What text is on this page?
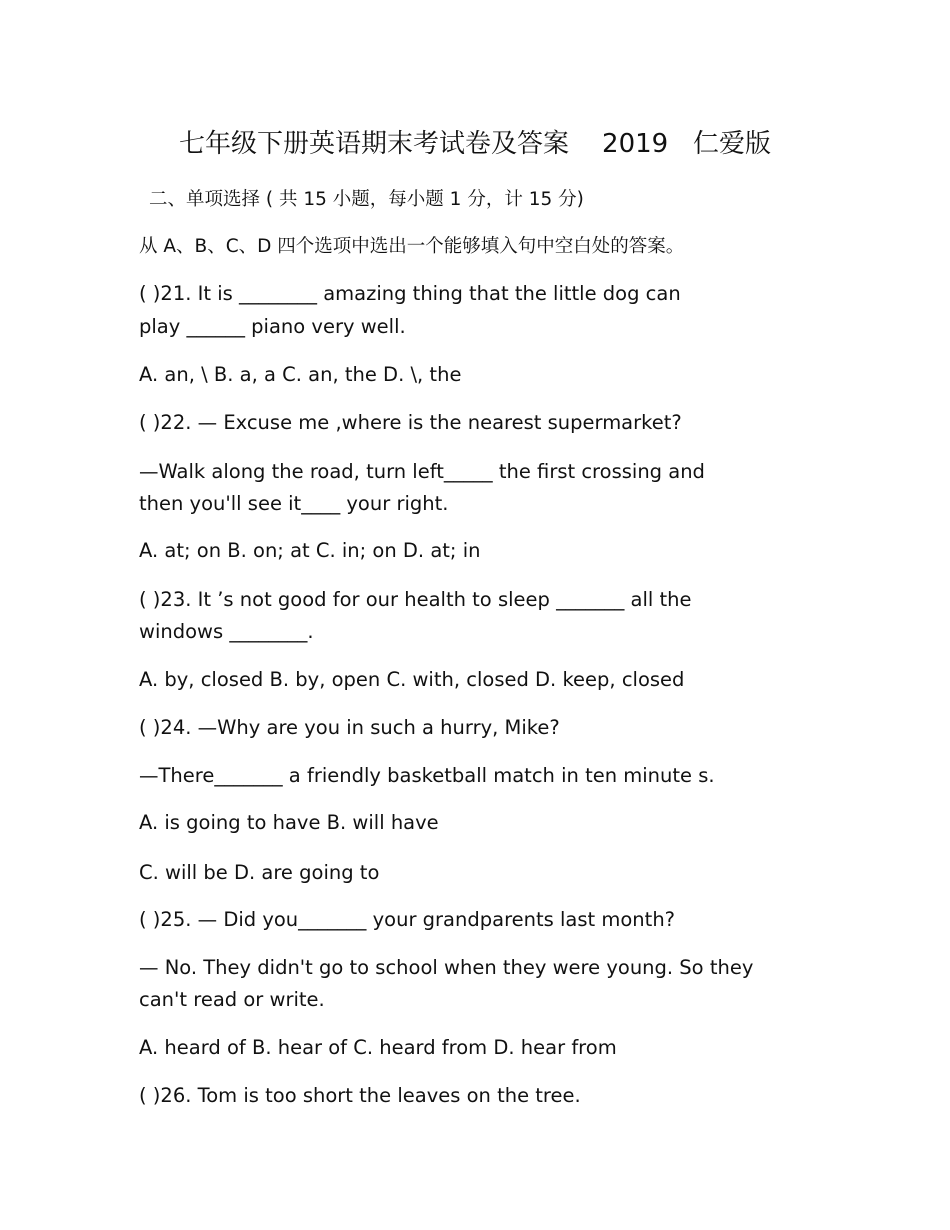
七年级下册英语期末考试卷及答案    2019   仁爱版

二、单项选择 ( 共 15 小题，每小题 1 分，计 15 分)

从 A、B、C、D 四个选项中选出一个能够填入句中空白处的答案。

( )21. It is ________ amazing thing that the little dog can

play ______ piano very well.

A. an, \ B. a, a C. an, the D. \, the

( )22. — Excuse me ,where is the nearest supermarket?

—Walk along the road, turn left_____ the first crossing and

then you'll see it____ your right.

A. at; on B. on; at C. in; on D. at; in

( )23. It ’s not good for our health to sleep _______ all the

windows ________.

A. by, closed B. by, open C. with, closed D. keep, closed

( )24. —Why are you in such a hurry, Mike?

—There_______ a friendly basketball match in ten minute s.

A. is going to have B. will have

C. will be D. are going to

( )25. — Did you_______ your grandparents last month?

— No. They didn't go to school when they were young. So they

can't read or write.

A. heard of B. hear of C. heard from D. hear from

( )26. Tom is too short the leaves on the tree.
